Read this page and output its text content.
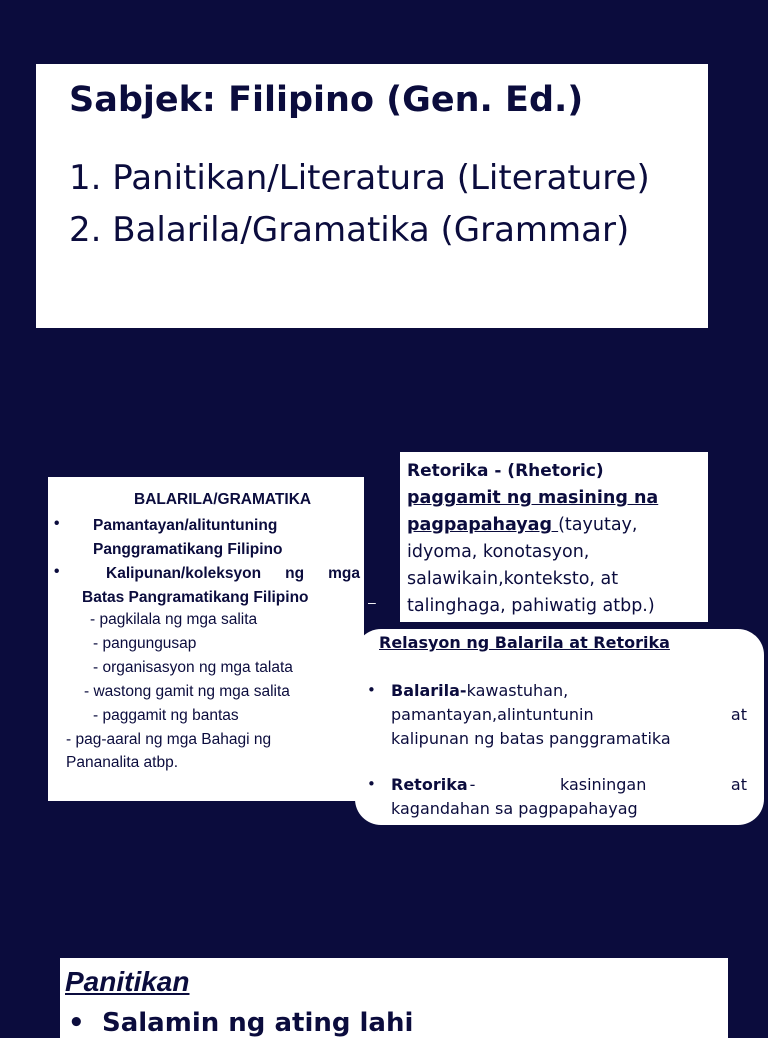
Sabjek: Filipino (Gen. Ed.)
1. Panitikan/Literatura (Literature)
2. Balarila/Gramatika (Grammar)
Retorika - (Rhetoric)
paggamit ng masining na pagpapahayag (tayutay, idyoma, konotasyon, salawikain,konteksto, at talinghaga, pahiwatig atbp.)
–
BALARILA/GRAMATIKA
• Pamantayan/alituntuning
Panggramatikang Filipino
•	Kalipunan/koleksyon ng mga
Batas Pangramatikang Filipino
- pagkilala ng mga salita
- pangungusap
- organisasyon ng mga talata
- wastong gamit ng mga salita
- paggamit ng bantas
- pag-aaral ng mga Bahagi ng
Pananalita atbp.
Relasyon ng Balarila at Retorika
• Balarila-kawastuhan,
pamantayan,alintuntunin at
kalipunan ng batas panggramatika
• Retorika - kasiningan at
kagandahan sa pagpapahayag
Panitikan
• Salamin ng ating lahi
